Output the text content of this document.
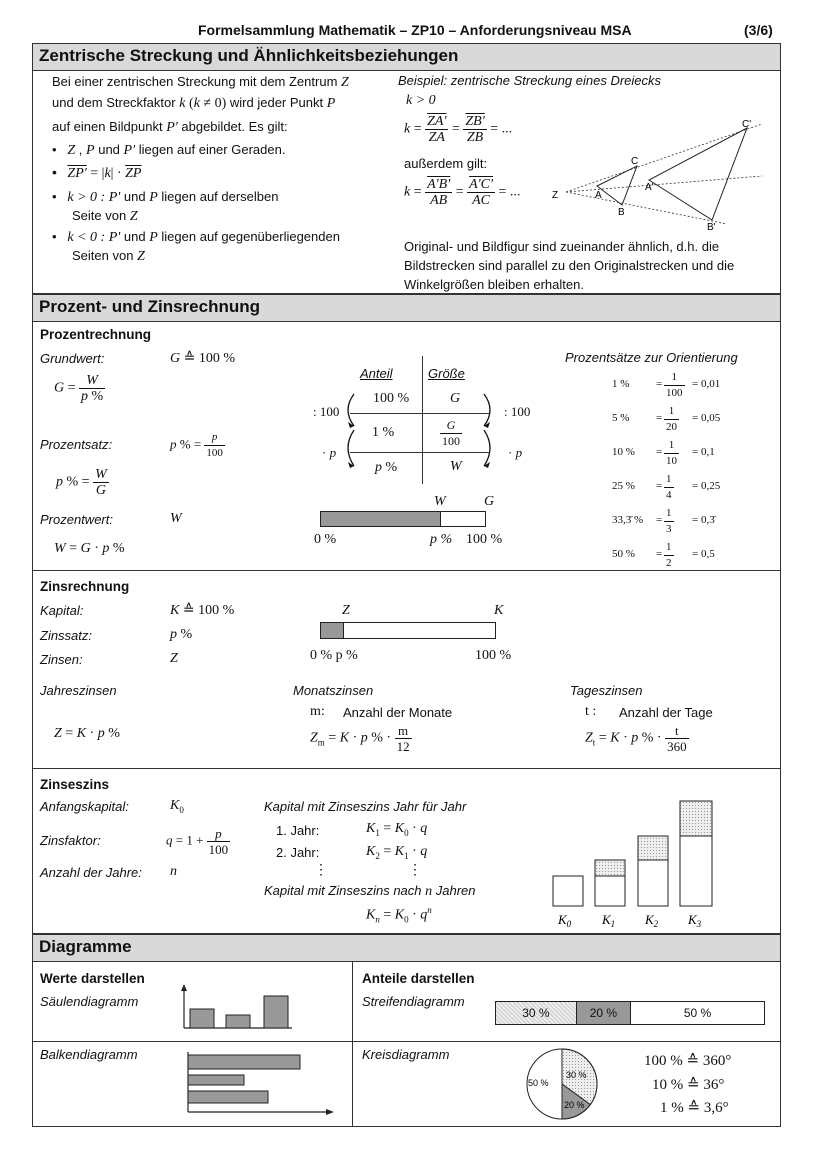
Formelsammlung Mathematik – ZP10 – Anforderungsniveau MSA	(3/6)
Zentrische Streckung und Ähnlichkeitsbeziehungen
Bei einer zentrischen Streckung mit dem Zentrum Z
und dem Streckfaktor k (k ≠ 0) wird jeder Punkt P
auf einen Bildpunkt P' abgebildet. Es gilt:
•   Z , P und P' liegen auf einer Geraden.
• $ZP' = |k| \cdot \overline{ZP}$
•   k > 0 : P' und P liegen auf derselben
Seite von Z
•   k < 0 : P' und P liegen auf gegenüberliegenden
Seiten von Z
Beispiel: zentrische Streckung eines Dreiecks
k > 0
$k = \frac{ZA'}{ZA} = \frac{ZB'}{ZB}$ = ...
außerdem gilt:
$k = \frac{A'B'}{AB} = \frac{A'C'}{AC}$ = ...	Z	A
B
C
A'
B'
C'
Original- und Bildfigur sind zueinander ähnlich, d.h. die Bildstrecken sind parallel zu den Originalstrecken und die Winkelgrößen bleiben erhalten.
Prozent- und Zinsrechnung
Prozentrechnung
Grundwert:	G ≙ 100 %
$G = \frac{W}{p \%}$
Prozentsatz:	p % = $\frac{p}{100}$
p % = $\frac{W}{G}$
Prozentwert:	W
W = G · p %
Anteil	Größe
100 %	G
1 %	$\frac{G}{100}$
p %	W
: 100	: 100
· p	· p
W	G
0 %	p % 100 %
Prozentsätze zur Orientierung
1 % = $\frac{1}{100} = 0,01$
5 % = $\frac{1}{20} = 0,05$
10 % = $\frac{1}{10} = 0,1$
25 % = $\frac{1}{4} = 0,25$
33,3̄ % = $\frac{1}{3}$ = 0,3̄
50 % = $\frac{1}{2} = 0,5$
Zinsrechnung
Kapital:	K ≙ 100 %
Zinssatz:	p %
Zinsen:	Z
Z	K
0 % p %	100 %
Jahreszinsen	Monatszinsen	Tageszinsen
m: Anzahl der Monate	t : Anzahl der Tage
Z = K · p %	$Z_m = K \cdot p$ % · $\frac{m}{12}$	$Z_t = K \cdot p$ % · $\frac{t}{360}$
Zinseszins
Anfangskapital:	$K_0$
Zinsfaktor:	$q = 1 + \frac{p}{100}$
Anzahl der Jahre: n
Kapital mit Zinseszins Jahr für Jahr
1. Jahr:	$K_1 = K_0 \cdot q$
2. Jahr:	$K_2 = K_1 \cdot q$
⋮	⋮
Kapital mit Zinseszins nach n Jahren
$K_n = K_0 \cdot q^n$
$K_0$ $K_1$ $K_2$ $K_3$
Diagramme
Werte darstellen	Anteile darstellen
Säulendiagramm	Streifendiagramm
Balkendiagramm	Kreisdiagramm
30 %	20 %	50 %
50 %
30 %
20 %
100 % ≙ 360°
10 % ≙ 36°
1 % ≙ 3,6°
